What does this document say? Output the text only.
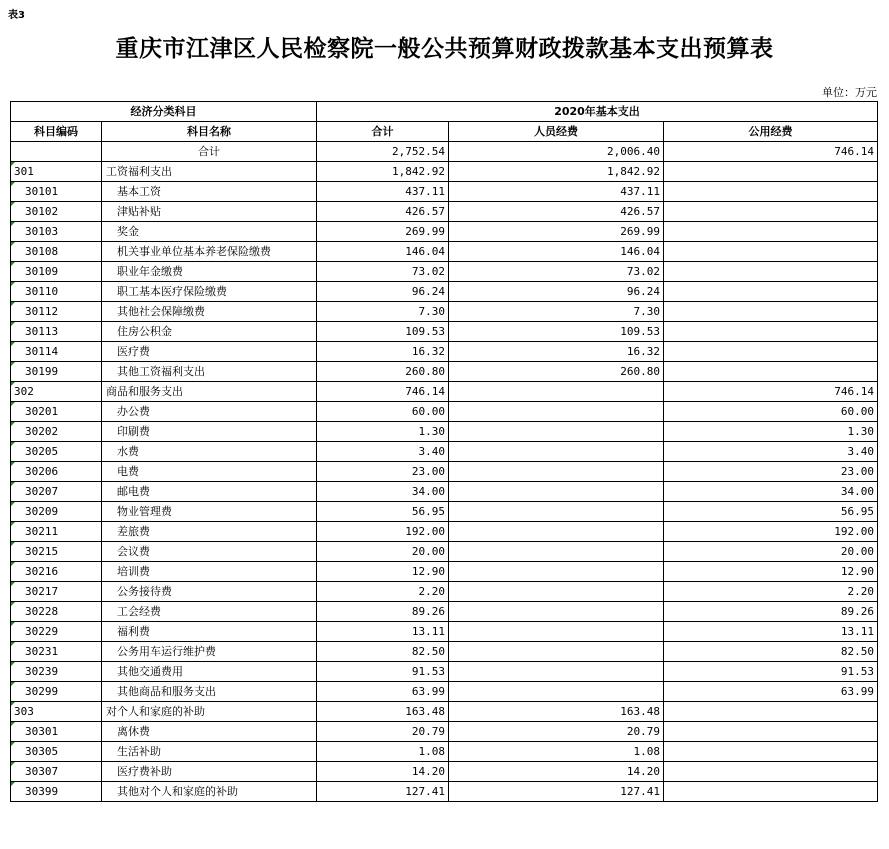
表3
重庆市江津区人民检察院一般公共预算财政拨款基本支出预算表
单位：万元
经济分类科目		2020年基本支出		
科目编码	科目名称	合计	人员经费	公用经费
	合计	2,752.54	2,006.40	746.14
301	工资福利支出	1,842.92	1,842.92	
30101	基本工资	437.11	437.11	
30102	津贴补贴	426.57	426.57	
30103	奖金	269.99	269.99	
30108	机关事业单位基本养老保险缴费	146.04	146.04	
30109	职业年金缴费	73.02	73.02	
30110	职工基本医疗保险缴费	96.24	96.24	
30112	其他社会保障缴费	7.30	7.30	
30113	住房公积金	109.53	109.53	
30114	医疗费	16.32	16.32	
30199	其他工资福利支出	260.80	260.80	
302	商品和服务支出	746.14		746.14
30201	办公费	60.00		60.00
30202	印刷费	1.30		1.30
30205	水费	3.40		3.40
30206	电费	23.00		23.00
30207	邮电费	34.00		34.00
30209	物业管理费	56.95		56.95
30211	差旅费	192.00		192.00
30215	会议费	20.00		20.00
30216	培训费	12.90		12.90
30217	公务接待费	2.20		2.20
30228	工会经费	89.26		89.26
30229	福利费	13.11		13.11
30231	公务用车运行维护费	82.50		82.50
30239	其他交通费用	91.53		91.53
30299	其他商品和服务支出	63.99		63.99
303	对个人和家庭的补助	163.48	163.48	
30301	离休费	20.79	20.79	
30305	生活补助	1.08	1.08	
30307	医疗费补助	14.20	14.20	
30399	其他对个人和家庭的补助	127.41	127.41	
